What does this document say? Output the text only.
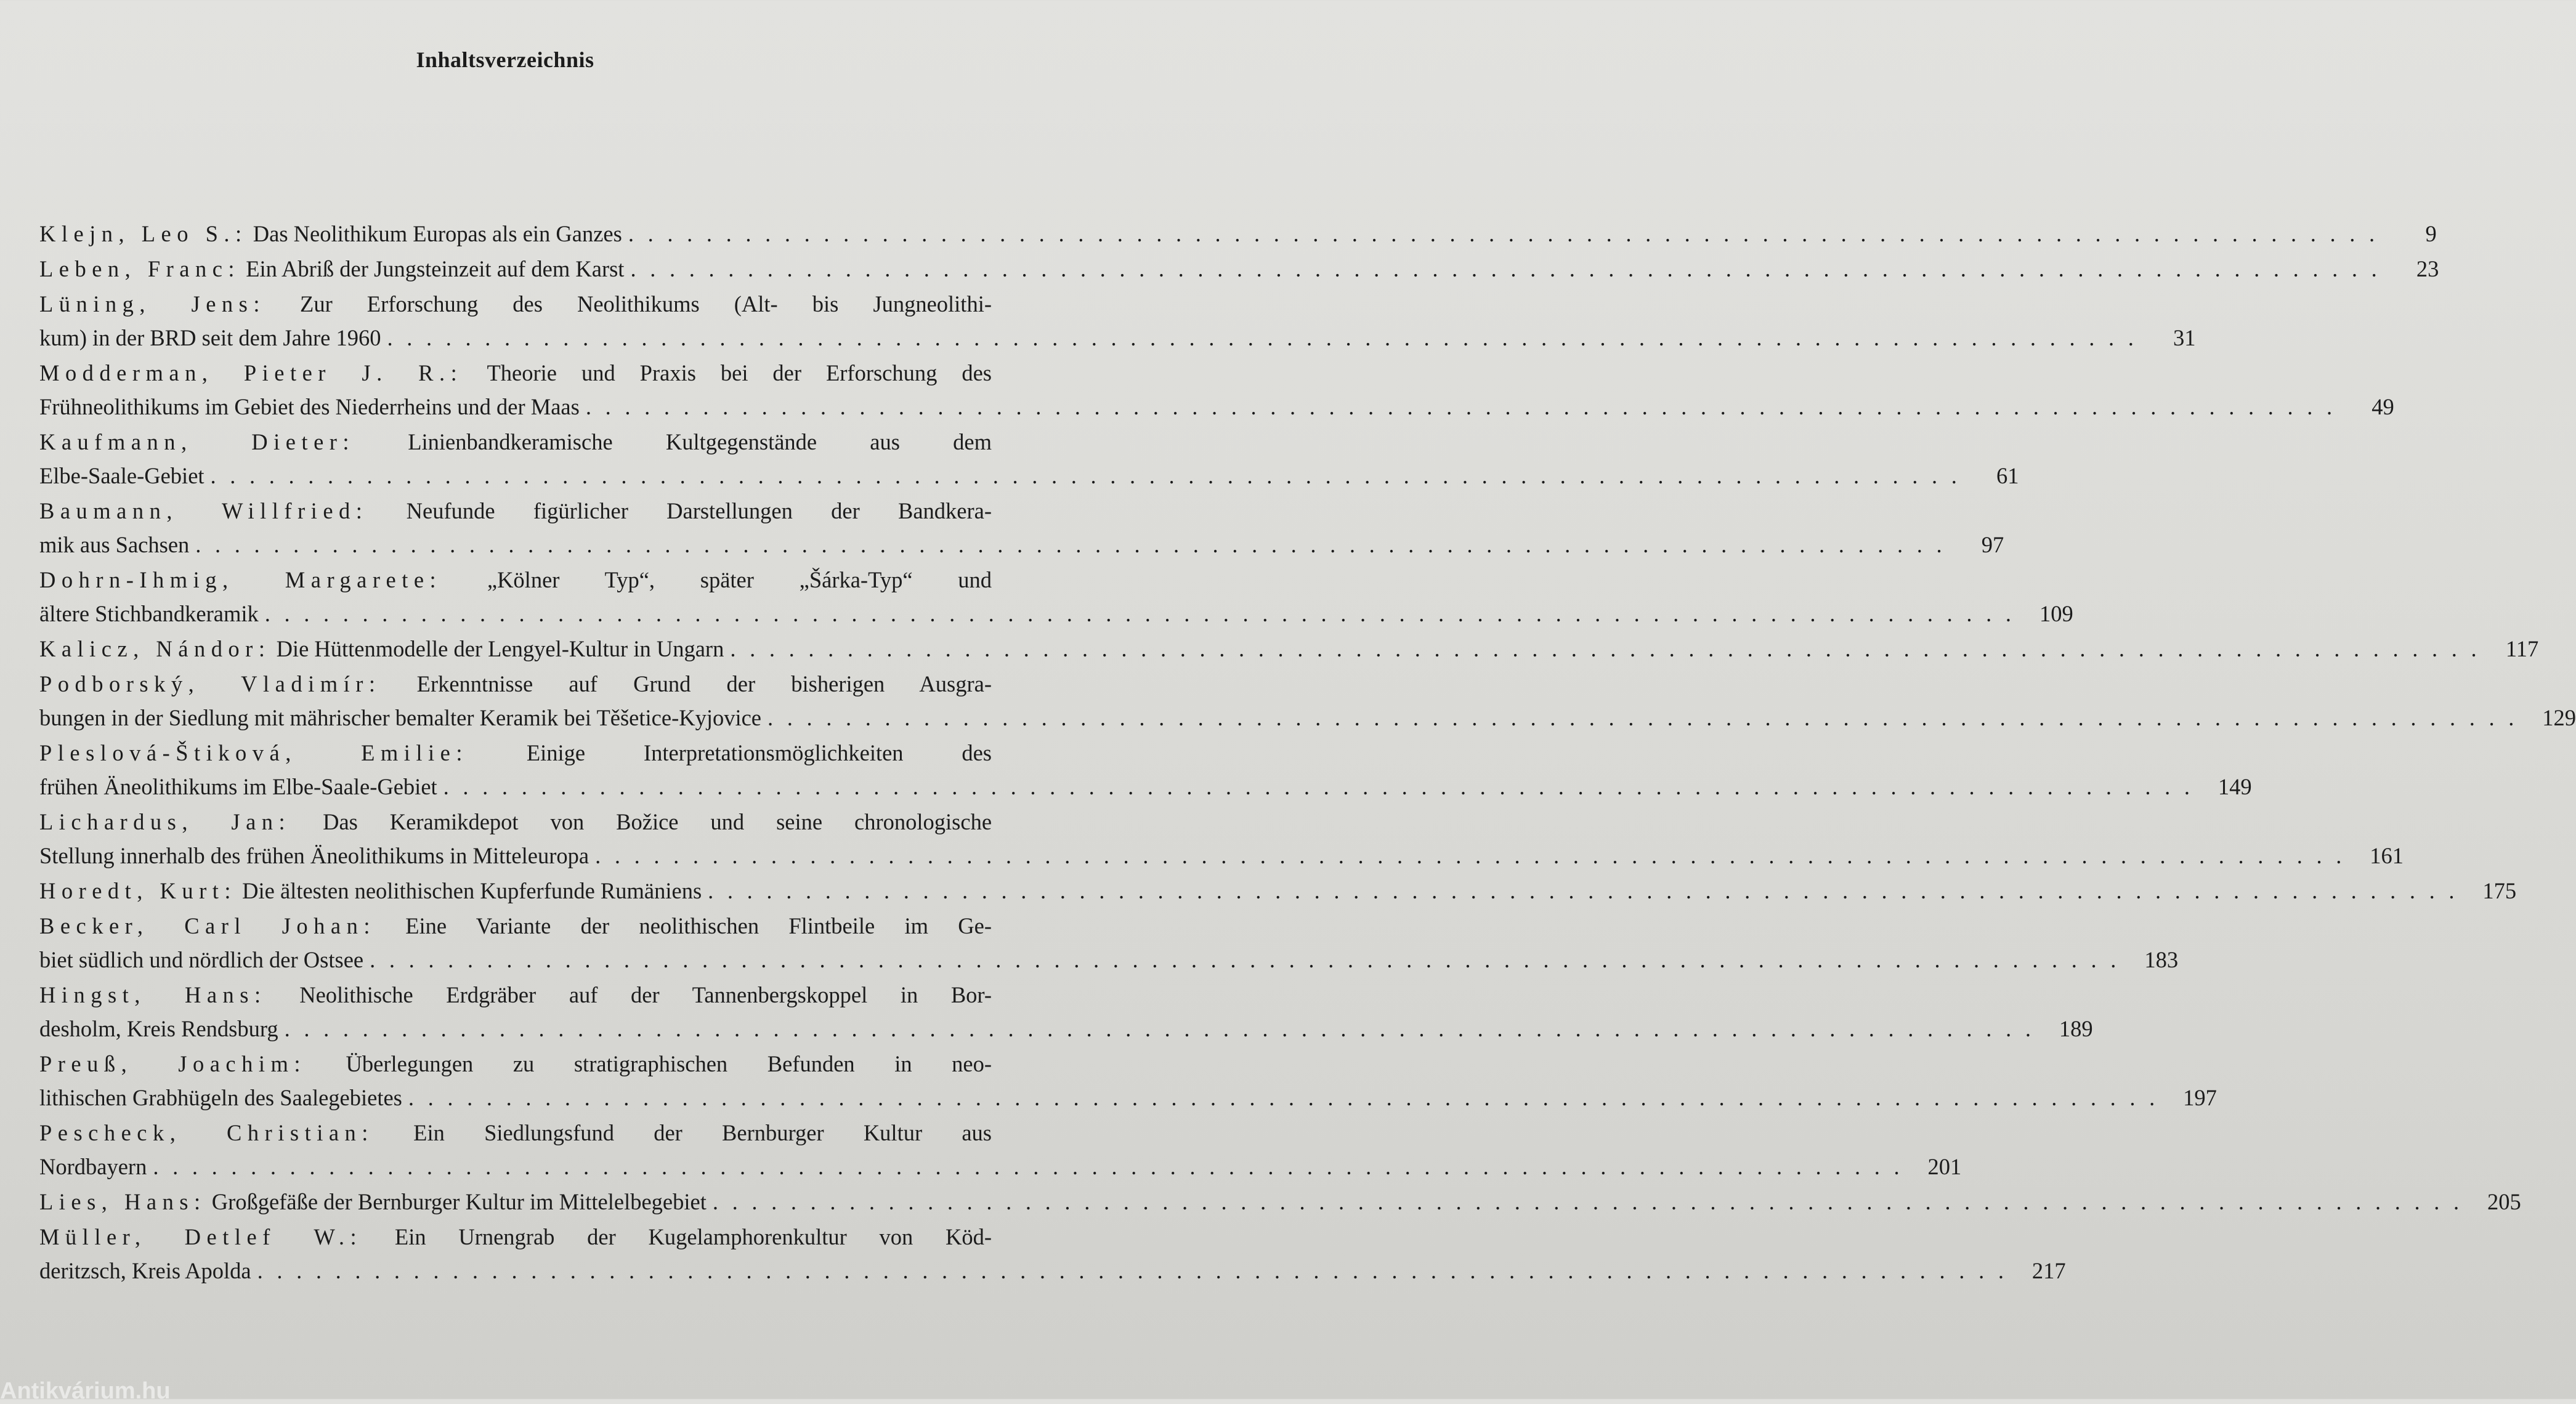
Inhaltsverzeichnis
Klejn, Leo S.: Das Neolithikum Europas als ein Ganzes ..........................................................................................	9
Leben, Franc: Ein Abriß der Jungsteinzeit auf dem Karst ..........................................................................................	23
Lüning, Jens: Zur Erforschung des Neolithikums (Alt- bis Jungneolithi-
kum) in der BRD seit dem Jahre 1960 ..........................................................................................	31
Modderman, Pieter J. R.: Theorie und Praxis bei der Erforschung des
Frühneolithikums im Gebiet des Niederrheins und der Maas ..........................................................................................	49
Kaufmann, Dieter: Linienbandkeramische Kultgegenstände aus dem
Elbe-Saale-Gebiet ..........................................................................................	61
Baumann, Willfried: Neufunde figürlicher Darstellungen der Bandkera-
mik aus Sachsen ..........................................................................................	97
Dohrn-Ihmig, Margarete: „Kölner Typ“, später „Šárka-Typ“ und
ältere Stichbandkeramik .......................................................................................... 109
Kalicz, Nándor: Die Hüttenmodelle der Lengyel-Kultur in Ungarn .......................................................................................... 117
Podborský, Vladimír: Erkenntnisse auf Grund der bisherigen Ausgra-
bungen in der Siedlung mit mährischer bemalter Keramik bei Těšetice-Kyjovice .......................................................................................... 129
Pleslová-Štiková, Emilie:	Einige Interpretationsmöglichkeiten des
frühen Äneolithikums im Elbe-Saale-Gebiet .......................................................................................... 149
Lichardus, Jan: Das Keramikdepot von Božice und seine chronologische
Stellung innerhalb des frühen Äneolithikums in Mitteleuropa .......................................................................................... 161
Horedt, Kurt: Die ältesten neolithischen Kupferfunde Rumäniens .......................................................................................... 175
Becker, Carl Johan: Eine Variante der neolithischen Flintbeile im Ge-
biet südlich und nördlich der Ostsee .......................................................................................... 183
Hingst, Hans: Neolithische Erdgräber auf der Tannenbergskoppel in Bor-
desholm, Kreis Rendsburg .......................................................................................... 189
Preuß, Joachim: Überlegungen zu stratigraphischen Befunden in neo-
lithischen Grabhügeln des Saalegebietes .......................................................................................... 197
Pescheck, Christian: Ein Siedlungsfund der Bernburger Kultur aus
Nordbayern .......................................................................................... 201
Lies, Hans: Großgefäße der Bernburger Kultur im Mittelelbegebiet .......................................................................................... 205
Müller, Detlef W.: Ein Urnengrab der Kugelamphorenkultur von Köd-
deritzsch, Kreis Apolda .......................................................................................... 217
Antikvárium.hu
